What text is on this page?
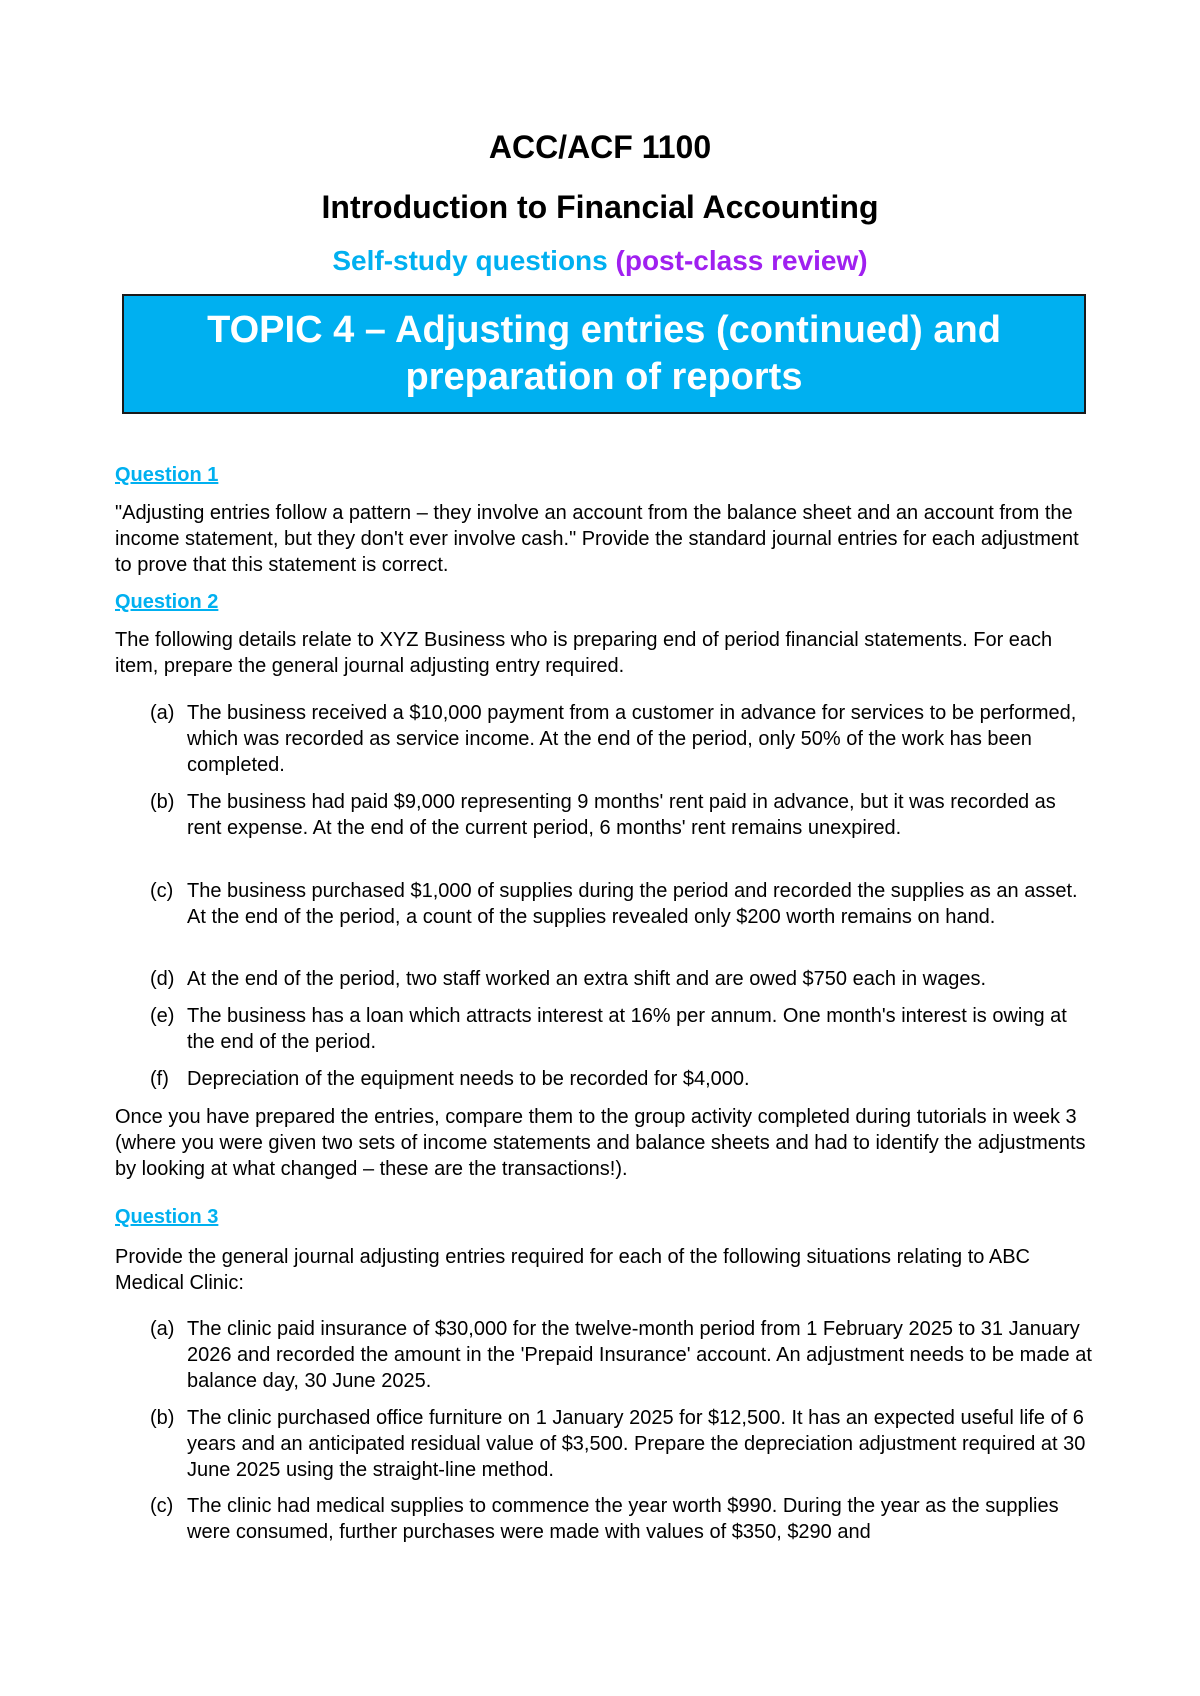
ACC/ACF 1100
Introduction to Financial Accounting
Self-study questions (post-class review)
TOPIC 4 – Adjusting entries (continued) and preparation of reports
Question 1

"Adjusting entries follow a pattern – they involve an account from the balance sheet and an account from the income statement, but they don't ever involve cash." Provide the standard journal entries for each adjustment to prove that this statement is correct.

Question 2

The following details relate to XYZ Business who is preparing end of period financial statements. For each item, prepare the general journal adjusting entry required.

(a) The business received a $10,000 payment from a customer in advance for services to be performed, which was recorded as service income. At the end of the period, only 50% of the work has been completed.
(b) The business had paid $9,000 representing 9 months' rent paid in advance, but it was recorded as rent expense. At the end of the current period, 6 months' rent remains unexpired.
(c) The business purchased $1,000 of supplies during the period and recorded the supplies as an asset. At the end of the period, a count of the supplies revealed only $200 worth remains on hand.
(d) At the end of the period, two staff worked an extra shift and are owed $750 each in wages.
(e) The business has a loan which attracts interest at 16% per annum. One month's interest is owing at the end of the period.
(f) Depreciation of the equipment needs to be recorded for $4,000.

Once you have prepared the entries, compare them to the group activity completed during tutorials in week 3 (where you were given two sets of income statements and balance sheets and had to identify the adjustments by looking at what changed – these are the transactions!).

Question 3

Provide the general journal adjusting entries required for each of the following situations relating to ABC Medical Clinic:

(a) The clinic paid insurance of $30,000 for the twelve-month period from 1 February 2025 to 31 January 2026 and recorded the amount in the 'Prepaid Insurance' account. An adjustment needs to be made at balance day, 30 June 2025.
(b) The clinic purchased office furniture on 1 January 2025 for $12,500. It has an expected useful life of 6 years and an anticipated residual value of $3,500. Prepare the depreciation adjustment required at 30 June 2025 using the straight-line method.
(c) The clinic had medical supplies to commence the year worth $990. During the year as the supplies were consumed, further purchases were made with values of $350, $290 and
